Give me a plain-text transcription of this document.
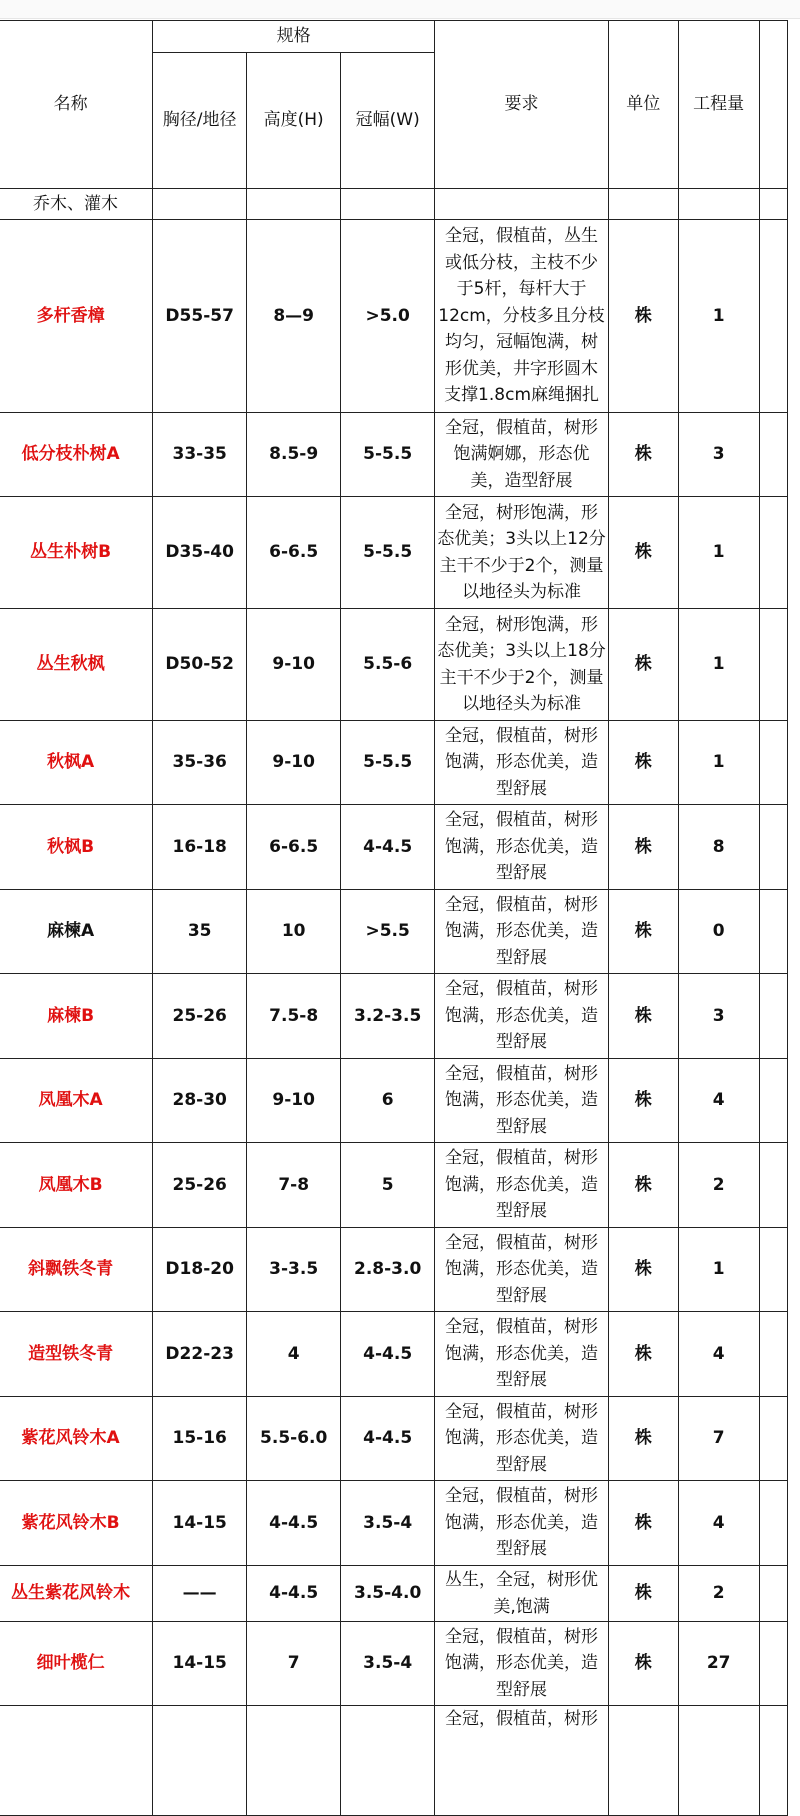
名称	规格			要求	单位	工程量	
	胸径/地径	高度(H)	冠幅(W)				
乔木、灌木							
多杆香樟	D55-57	8—9	>5.0	全冠，假植苗，丛生或低分枝，主枝不少于5杆，每杆大于12cm，分枝多且分枝均匀，冠幅饱满，树形优美，井字形圆木支撑1.8cm麻绳捆扎	株	1	
低分枝朴树A	33-35	8.5-9	5-5.5	全冠，假植苗，树形饱满婀娜，形态优美，造型舒展	株	3	
丛生朴树B	D35-40	6-6.5	5-5.5	全冠，树形饱满，形态优美；3头以上12分主干不少于2个，测量以地径头为标准	株	1	
丛生秋枫	D50-52	9-10	5.5-6	全冠，树形饱满，形态优美；3头以上18分主干不少于2个，测量以地径头为标准	株	1	
秋枫A	35-36	9-10	5-5.5	全冠，假植苗，树形饱满，形态优美，造型舒展	株	1	
秋枫B	16-18	6-6.5	4-4.5	全冠，假植苗，树形饱满，形态优美，造型舒展	株	8	
麻楝A	35	10	>5.5	全冠，假植苗，树形饱满，形态优美，造型舒展	株	0	
麻楝B	25-26	7.5-8	3.2-3.5	全冠，假植苗，树形饱满，形态优美，造型舒展	株	3	
凤凰木A	28-30	9-10	6	全冠，假植苗，树形饱满，形态优美，造型舒展	株	4	
凤凰木B	25-26	7-8	5	全冠，假植苗，树形饱满，形态优美，造型舒展	株	2	
斜飘铁冬青	D18-20	3-3.5	2.8-3.0	全冠，假植苗，树形饱满，形态优美，造型舒展	株	1	
造型铁冬青	D22-23	4	4-4.5	全冠，假植苗，树形饱满，形态优美，造型舒展	株	4	
紫花风铃木A	15-16	5.5-6.0	4-4.5	全冠，假植苗，树形饱满，形态优美，造型舒展	株	7	
紫花风铃木B	14-15	4-4.5	3.5-4	全冠，假植苗，树形饱满，形态优美，造型舒展	株	4	
丛生紫花风铃木	——	4-4.5	3.5-4.0	丛生，全冠，树形优美,饱满	株	2	
细叶榄仁	14-15	7	3.5-4	全冠，假植苗，树形饱满，形态优美，造型舒展	株	27	
				全冠，假植苗，树形			
